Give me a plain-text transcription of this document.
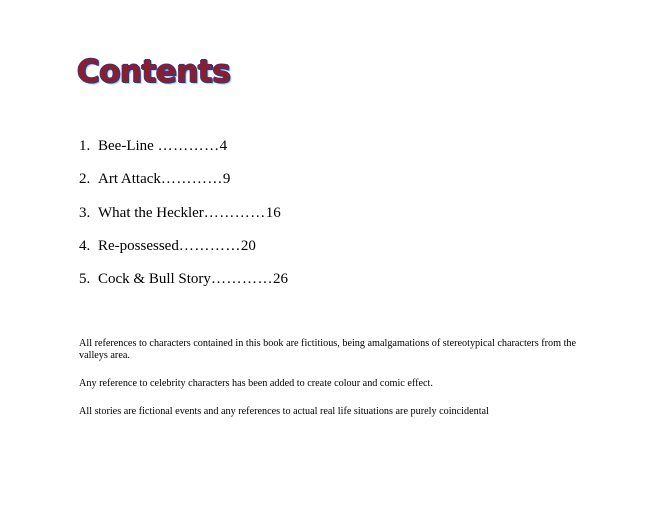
Contents
1. Bee-Line …………4
2. Art Attack…………9
3. What the Heckler…………16
4. Re-possessed…………20
5. Cock & Bull Story…………26

All references to characters contained in this book are fictitious, being amalgamations of stereotypical characters from the valleys area.

Any reference to celebrity characters has been added to create colour and comic effect.

All stories are fictional events and any references to actual real life situations are purely coincidental
